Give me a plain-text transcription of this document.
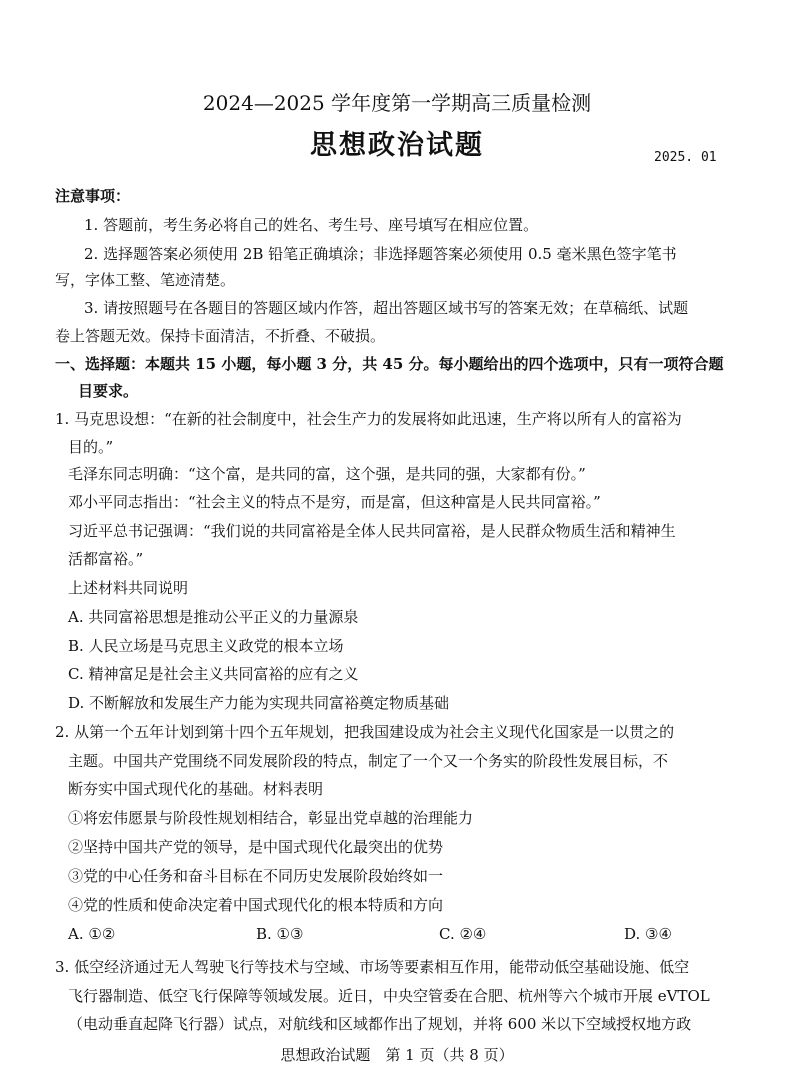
2024—2025 学年度第一学期高三质量检测
思想政治试题	2025. 01
注意事项：
1. 答题前，考生务必将自己的姓名、考生号、座号填写在相应位置。
2. 选择题答案必须使用 2B 铅笔正确填涂；非选择题答案必须使用 0.5 毫米黑色签字笔书
写，字体工整、笔迹清楚。
3. 请按照题号在各题目的答题区域内作答，超出答题区域书写的答案无效；在草稿纸、试题
卷上答题无效。保持卡面清洁，不折叠、不破损。
一、选择题：本题共 15 小题，每小题 3 分，共 45 分。每小题给出的四个选项中，只有一项符合题
目要求。
1. 马克思设想：“在新的社会制度中，社会生产力的发展将如此迅速，生产将以所有人的富裕为
目的。”
毛泽东同志明确：“这个富，是共同的富，这个强，是共同的强，大家都有份。”
邓小平同志指出：“社会主义的特点不是穷，而是富，但这种富是人民共同富裕。”
习近平总书记强调：“我们说的共同富裕是全体人民共同富裕，是人民群众物质生活和精神生
活都富裕。”
上述材料共同说明
A. 共同富裕思想是推动公平正义的力量源泉
B. 人民立场是马克思主义政党的根本立场
C. 精神富足是社会主义共同富裕的应有之义
D. 不断解放和发展生产力能为实现共同富裕奠定物质基础
2. 从第一个五年计划到第十四个五年规划，把我国建设成为社会主义现代化国家是一以贯之的
主题。中国共产党围绕不同发展阶段的特点，制定了一个又一个务实的阶段性发展目标，不
断夯实中国式现代化的基础。材料表明
①将宏伟愿景与阶段性规划相结合，彰显出党卓越的治理能力
②坚持中国共产党的领导，是中国式现代化最突出的优势
③党的中心任务和奋斗目标在不同历史发展阶段始终如一
④党的性质和使命决定着中国式现代化的根本特质和方向
A. ①②	B. ①③	C. ②④	D. ③④
3. 低空经济通过无人驾驶飞行等技术与空域、市场等要素相互作用，能带动低空基础设施、低空
飞行器制造、低空飞行保障等领域发展。近日，中央空管委在合肥、杭州等六个城市开展 eVTOL
（电动垂直起降飞行器）试点，对航线和区域都作出了规划，并将 600 米以下空域授权地方政
思想政治试题　第 1 页（共 8 页）
